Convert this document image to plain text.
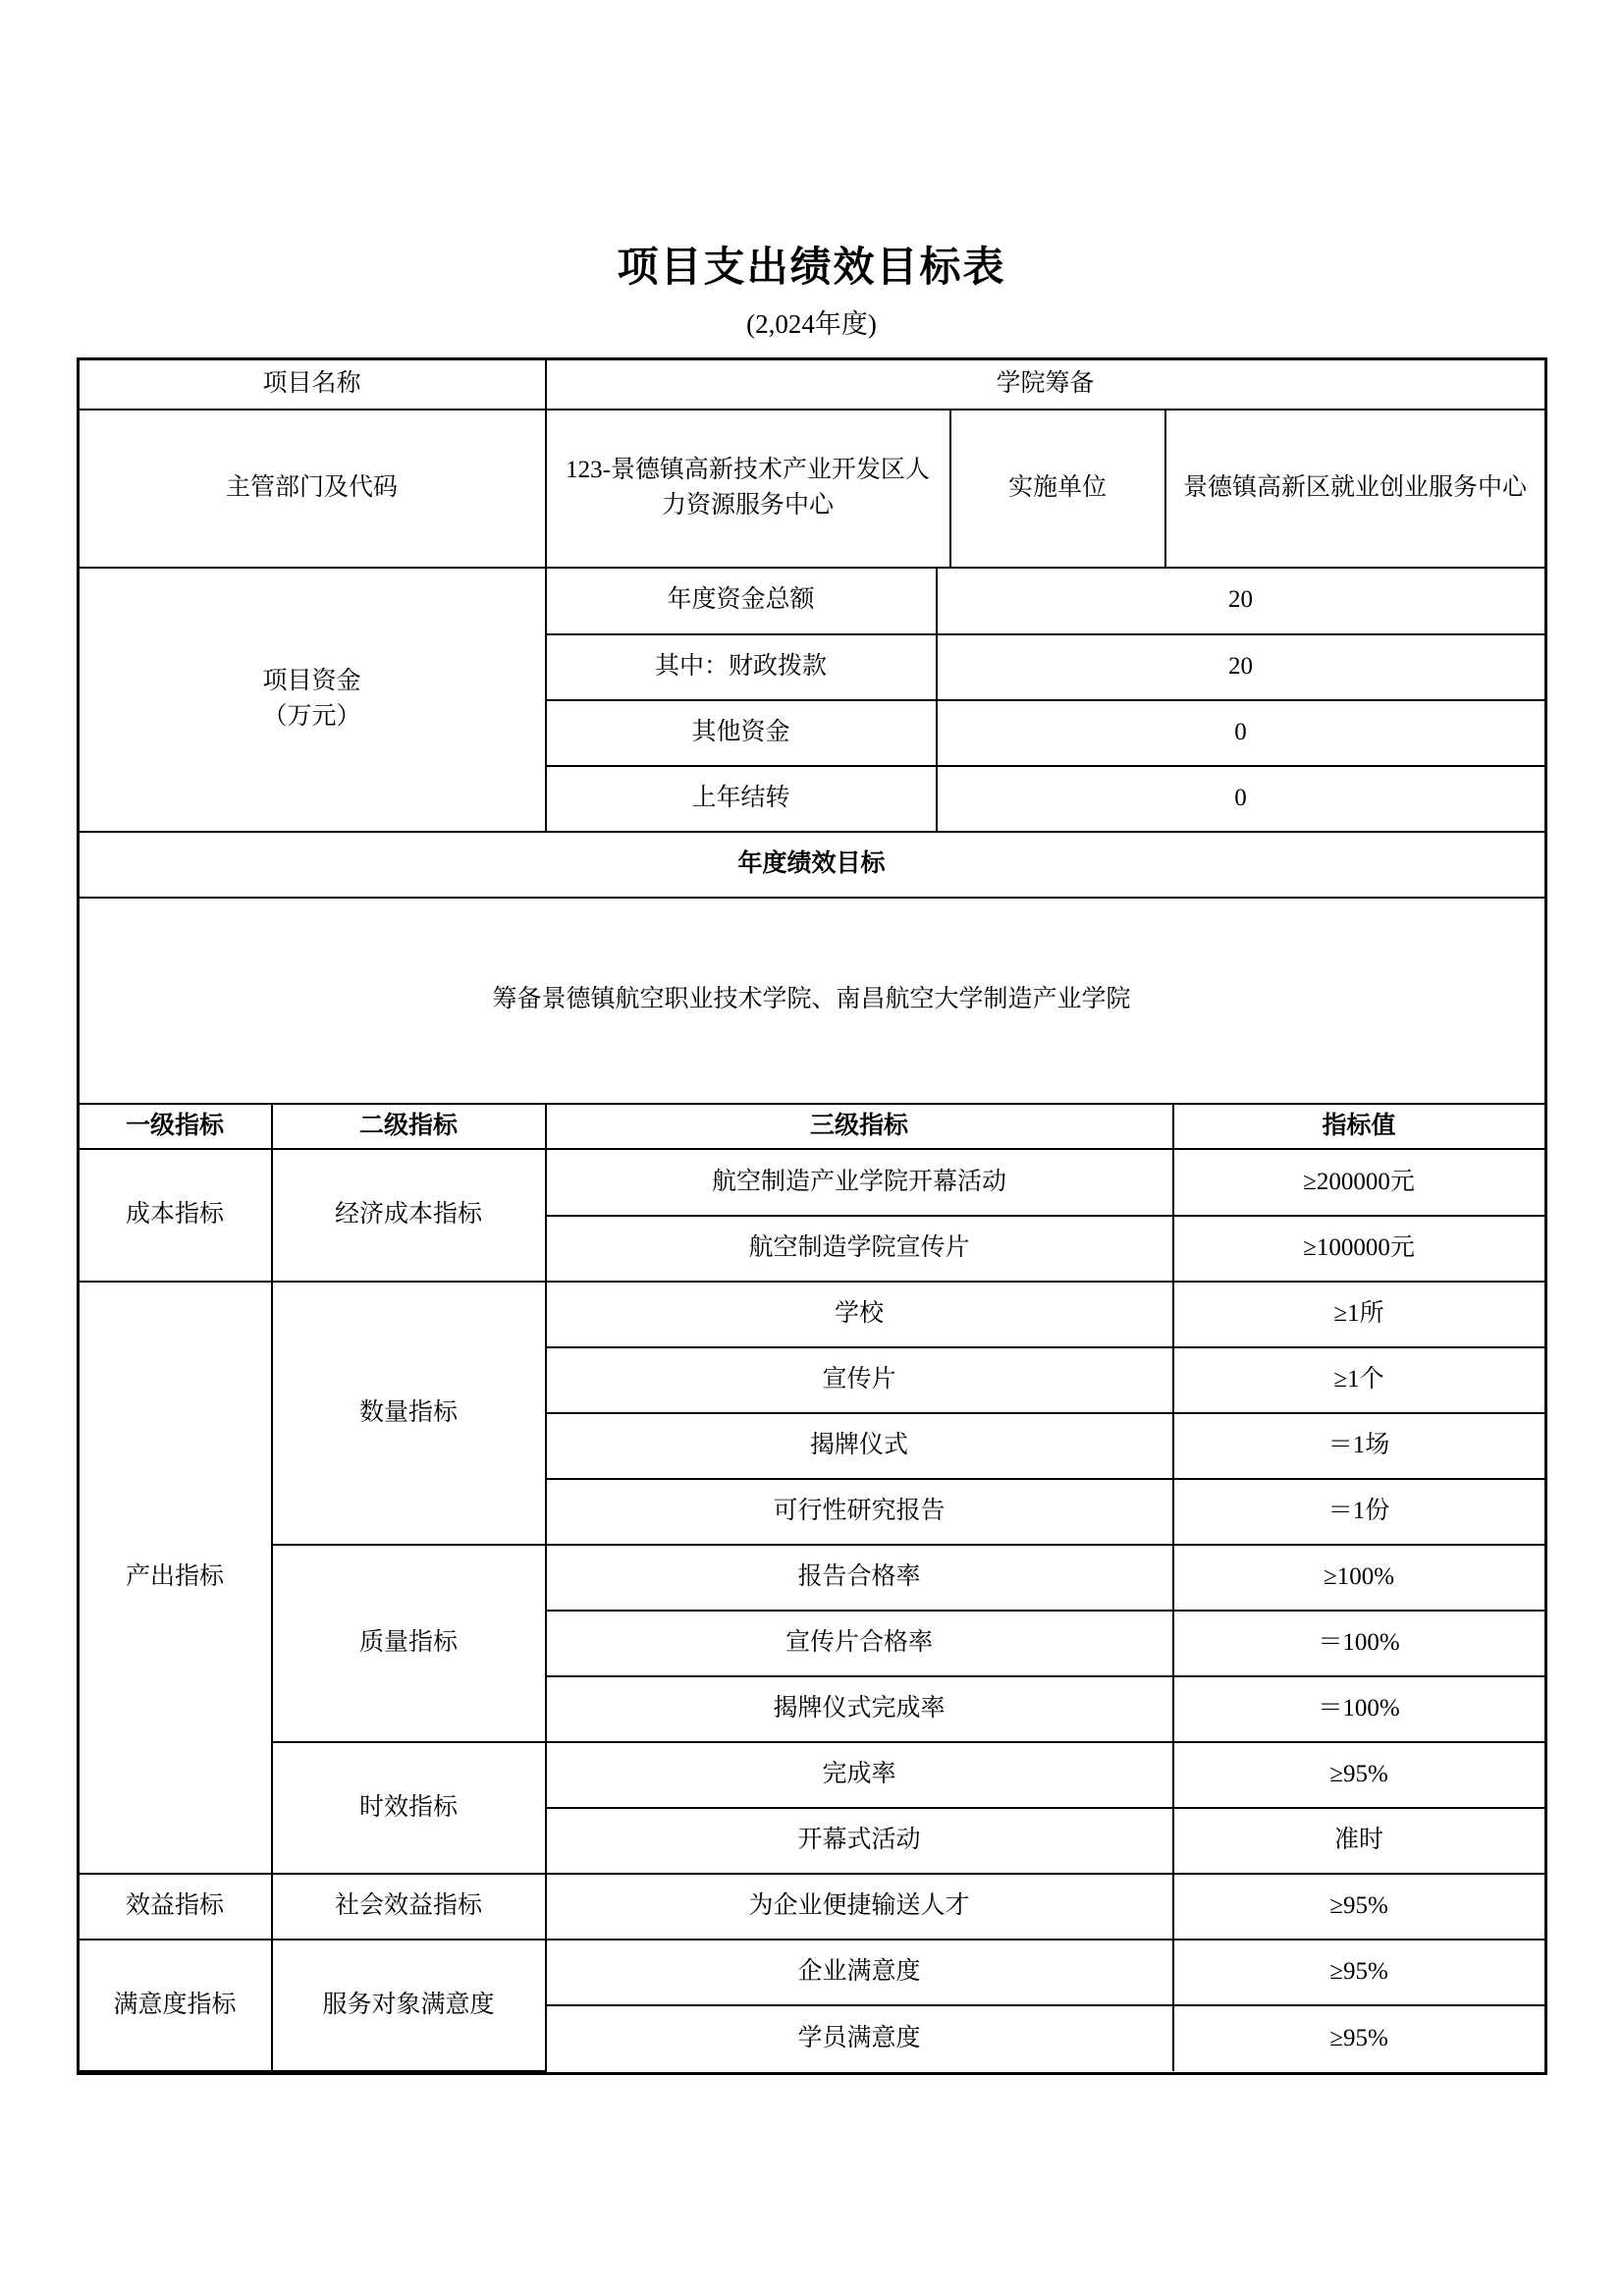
项目支出绩效目标表
(2,024年度)
项目名称	学院筹备
主管部门及代码	123-景德镇高新技术产业开发区人力资源服务中心	实施单位	景德镇高新区就业创业服务中心
项目资金
（万元）	年度资金总额	20
	其中：财政拨款	20
	其他资金	0
	上年结转	0
年度绩效目标
筹备景德镇航空职业技术学院、南昌航空大学制造产业学院
一级指标	二级指标	三级指标	指标值
成本指标	经济成本指标	航空制造产业学院开幕活动	≥200000元
		航空制造学院宣传片	≥100000元
产出指标	数量指标	学校	≥1所
		宣传片	≥1个
		揭牌仪式	＝1场
		可行性研究报告	＝1份
	质量指标	报告合格率	≥100%
		宣传片合格率	＝100%
		揭牌仪式完成率	＝100%
	时效指标	完成率	≥95%
		开幕式活动	准时
效益指标	社会效益指标	为企业便捷输送人才	≥95%
满意度指标	服务对象满意度	企业满意度	≥95%
		学员满意度	≥95%
